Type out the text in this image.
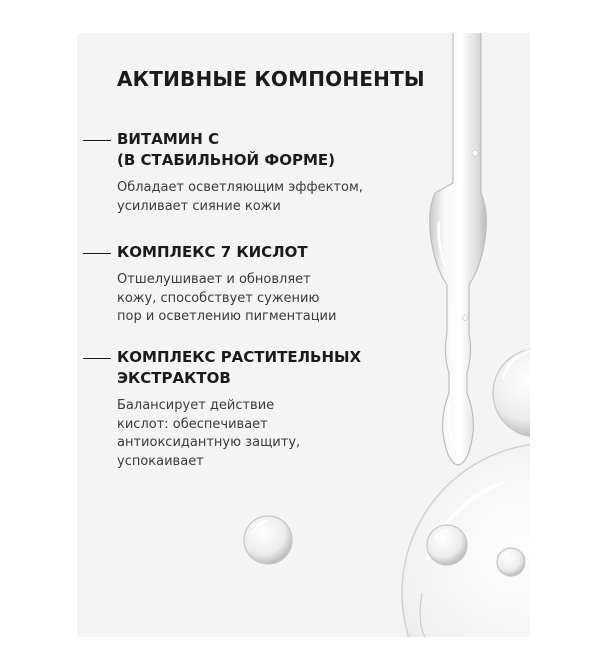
АКТИВНЫЕ КОМПОНЕНТЫ
ВИТАМИН С
(В СТАБИЛЬНОЙ ФОРМЕ)
Обладает осветляющим эффектом,
усиливает сияние кожи
КОМПЛЕКС 7 КИСЛОТ
Отшелушивает и обновляет
кожу, способствует сужению
пор и осветлению пигментации
КОМПЛЕКС РАСТИТЕЛЬНЫХ
ЭКСТРАКТОВ
Балансирует действие
кислот: обеспечивает
антиоксидантную защиту,
успокаивает
